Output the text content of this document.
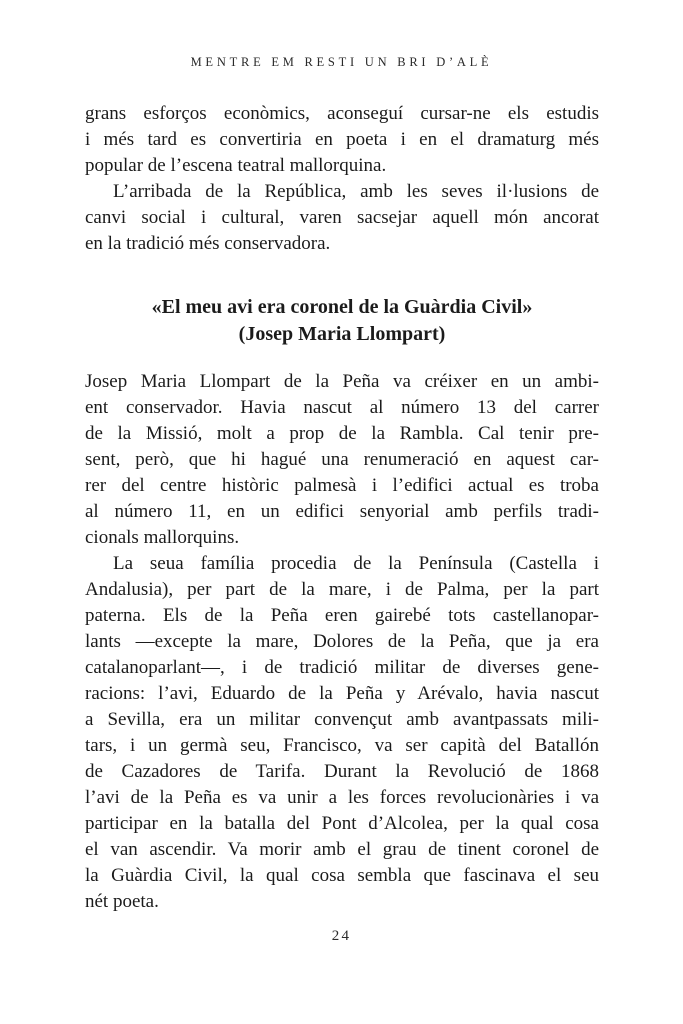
MENTRE EM RESTI UN BRI D’ALÈ
grans esforços econòmics, aconseguí cursar-ne els estudis
i més tard es convertiria en poeta i en el dramaturg més
popular de l’escena teatral mallorquina.
L’arribada de la República, amb les seves il·lusions de
canvi social i cultural, varen sacsejar aquell món ancorat
en la tradició més conservadora.
«El meu avi era coronel de la Guàrdia Civil»
(Josep Maria Llompart)
Josep Maria Llompart de la Peña va créixer en un ambi-
ent conservador. Havia nascut al número 13 del carrer
de la Missió, molt a prop de la Rambla. Cal tenir pre-
sent, però, que hi hagué una renumeració en aquest car-
rer del centre històric palmesà i l’edifici actual es troba
al número 11, en un edifici senyorial amb perfils tradi-
cionals mallorquins.
La seua família procedia de la Península (Castella i
Andalusia), per part de la mare, i de Palma, per la part
paterna. Els de la Peña eren gairebé tots castellanopar-
lants —excepte la mare, Dolores de la Peña, que ja era
catalanoparlant—, i de tradició militar de diverses gene-
racions: l’avi, Eduardo de la Peña y Arévalo, havia nascut
a Sevilla, era un militar convençut amb avantpassats mili-
tars, i un germà seu, Francisco, va ser capità del Batallón
de Cazadores de Tarifa. Durant la Revolució de 1868
l’avi de la Peña es va unir a les forces revolucionàries i va
participar en la batalla del Pont d’Alcolea, per la qual cosa
el van ascendir. Va morir amb el grau de tinent coronel de
la Guàrdia Civil, la qual cosa sembla que fascinava el seu
nét poeta.
24
